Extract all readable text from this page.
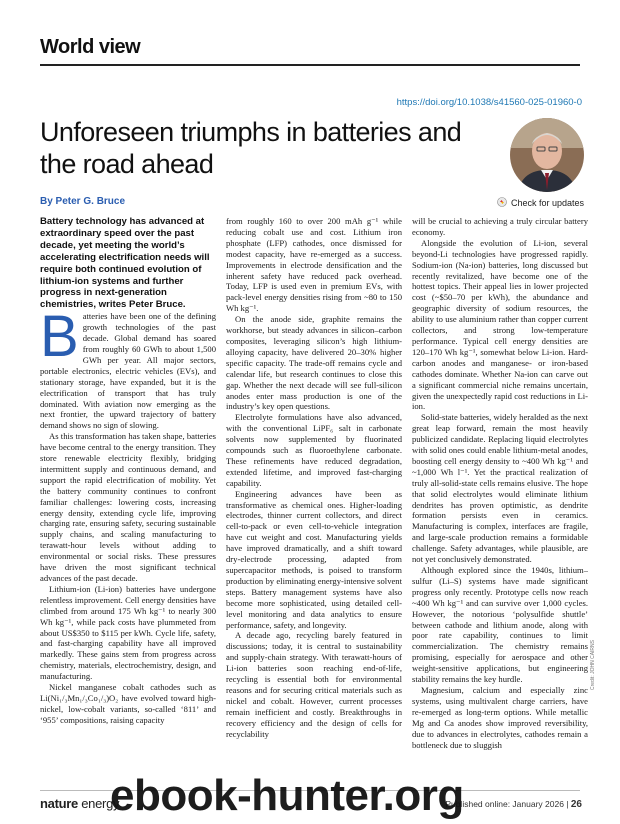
World view
https://doi.org/10.1038/s41560-025-01960-0
Unforeseen triumphs in batteries and the road ahead
By Peter G. Bruce	Check for updates

Battery technology has advanced at extraordinary speed over the past decade, yet meeting the world’s accelerating electrification needs will require both continued evolution of lithium-ion systems and further progress in next-generation chemistries, writes Peter Bruce.

Batteries have been one of the defining growth technologies of the past decade. Global demand has soared from roughly 60 GWh to about 1,500 GWh per year. All major sectors, portable electronics, electric vehicles (EVs), and stationary storage, have expanded, but it is the electrification of transport that has truly dominated. With aviation now emerging as the next frontier, the upward trajectory of battery demand shows no sign of slowing.

As this transformation has taken shape, batteries have become central to the energy transition. They store renewable electricity flexibly, bridging intermittent supply and continuous demand, and support the rapid electrification of mobility. Yet the battery community continues to confront familiar challenges: lowering costs, increasing energy density, extending cycle life, improving charging rate, ensuring safety, securing sustainable supply chains, and scaling manufacturing to terawatt-hour levels without adding to environmental or social risks. These pressures have driven the most significant technical advances of the past decade.

Lithium-ion (Li-ion) batteries have undergone relentless improvement. Cell energy densities have climbed from around 175 Wh kg⁻¹ to nearly 300 Wh kg⁻¹, while pack costs have plummeted from about US$350 to $115 per kWh. Cycle life, safety, and fast-charging capability have all improved markedly. These gains stem from progress across chemistry, materials, electrochemistry, design, and manufacturing.

Nickel manganese cobalt cathodes such as Li(Ni₁/₃Mn₁/₃Co₁/₃)O₂ have evolved toward high-nickel, low-cobalt variants, so-called ‘811’ and ‘955’ compositions, raising capacity

from roughly 160 to over 200 mAh g⁻¹ while reducing cobalt use and cost. Lithium iron phosphate (LFP) cathodes, once dismissed for modest capacity, have re-emerged as a success. Improvements in electrode densification and the inherent safety have reduced pack overhead. Today, LFP is used even in premium EVs, with pack-level energy densities rising from ~80 to 150 Wh kg⁻¹.

On the anode side, graphite remains the workhorse, but steady advances in silicon–carbon composites, leveraging silicon’s high lithium-alloying capacity, have delivered 20–30% higher specific capacity. The trade-off remains cycle and calendar life, but research continues to close this gap. Whether the next decade will see full-silicon anodes enter mass production is one of the industry’s key open questions.

Electrolyte formulations have also advanced, with the conventional LiPF₆ salt in carbonate solvents now supplemented by fluorinated compounds such as fluoroethylene carbonate. These refinements have reduced degradation, extended lifetime, and improved fast-charging capability.

Engineering advances have been as transformative as chemical ones. Higher-loading electrodes, thinner current collectors, and direct cell-to-pack or even cell-to-vehicle integration have cut weight and cost. Manufacturing yields have improved dramatically, and a shift toward dry-electrode processing, adapted from supercapacitor methods, is poised to transform production by eliminating energy-intensive solvent steps. Battery management systems have also become more sophisticated, using detailed cell-level monitoring and data analytics to ensure performance, safety, and longevity.

A decade ago, recycling barely featured in discussions; today, it is central to sustainability and supply-chain strategy. With terawatt-hours of Li-ion batteries soon reaching end-of-life, recycling is essential both for environmental reasons and for securing critical materials such as nickel and cobalt. However, current processes remain inefficient and costly. Breakthroughs in recovery efficiency and the design of cells for recyclability

will be crucial to achieving a truly circular battery economy.

Alongside the evolution of Li-ion, several beyond-Li technologies have progressed rapidly. Sodium-ion (Na-ion) batteries, long discussed but recently revitalized, have become one of the hottest topics. Their appeal lies in lower projected cost (~$50–70 per kWh), the abundance and geographic diversity of sodium resources, the ability to use aluminium rather than copper current collectors, and strong low-temperature performance. Typical cell energy densities are 120–170 Wh kg⁻¹, somewhat below Li-ion. Hard-carbon anodes and manganese- or iron-based cathodes dominate. Whether Na-ion can carve out a significant commercial niche remains uncertain, given the unexpectedly rapid cost reductions in Li-ion.

Solid-state batteries, widely heralded as the next great leap forward, remain the most heavily publicized candidate. Replacing liquid electrolytes with solid ones could enable lithium-metal anodes, boosting cell energy density to ~400 Wh kg⁻¹ and ~1,000 Wh l⁻¹. Yet the practical realization of truly all-solid-state cells remains elusive. The hope that solid electrolytes would eliminate lithium dendrites has proven optimistic, as dendrite formation persists even in ceramics. Manufacturing is complex, interfaces are fragile, and large-scale production remains a formidable challenge. Safety advantages, while plausible, are not yet conclusively demonstrated.

Although explored since the 1940s, lithium–sulfur (Li–S) systems have made significant progress only recently. Prototype cells now reach ~400 Wh kg⁻¹ and can survive over 1,000 cycles. However, the notorious ‘polysulfide shuttle’ between cathode and lithium anode, along with poor rate capability, continues to limit commercialization. The chemistry remains promising, especially for aerospace and other weight-sensitive applications, but engineering stability remains the key hurdle.

Magnesium, calcium and especially zinc systems, using multivalent charge carriers, have re-emerged as long-term options. While metallic Mg and Ca anodes show improved reversibility, due to advances in electrolytes, cathodes remain a bottleneck due to sluggish

Credit: JOHN CAIRNS
nature energy	Published online: January 2026 | 26
ebook-hunter.org
